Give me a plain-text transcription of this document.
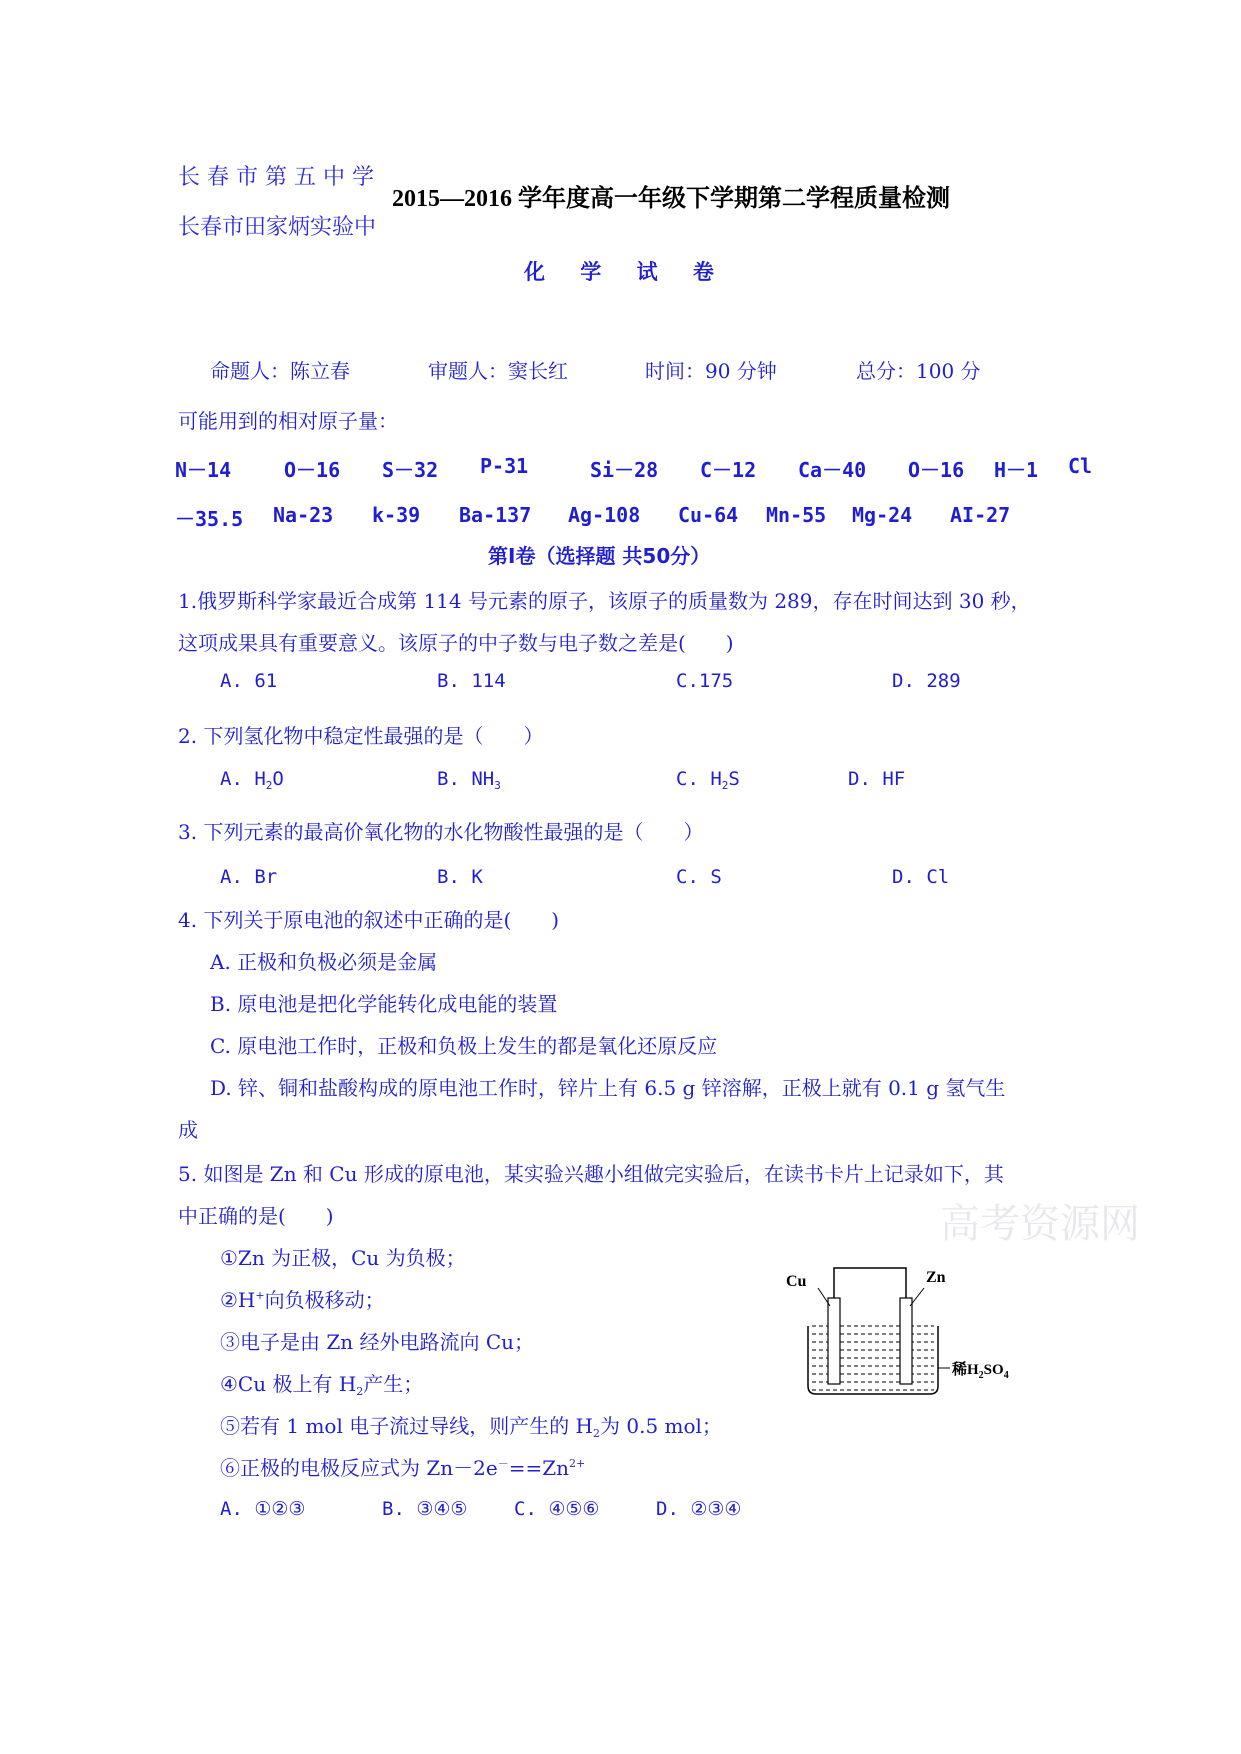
长 春 市 第 五 中 学
长春市田家炳实验中
2015—2016 学年度高一年级下学期第二学程质量检测
化 学 试 卷
命题人：陈立春	审题人：窦长红	时间：90 分钟	总分：100 分
可能用到的相对原子量：
N－14	O－16 S－32 P-31	Si－28 C－12 Ca－40 O－16 H－1 Cl
－35.5 Na-23 k-39 Ba-137 Ag-108 Cu-64 Mn-55 Mg-24 AI-27
第Ⅰ卷（选择题 共50分）
1.俄罗斯科学家最近合成第 114 号元素的原子，该原子的质量数为 289，存在时间达到 30 秒，
这项成果具有重要意义。该原子的中子数与电子数之差是(　　)
A. 61	B. 114	C.175	D. 289
2. 下列氢化物中稳定性最强的是（　　）
A. $H_2O$	B. $NH_3$	C. $H_2S$	D. HF
3. 下列元素的最高价氧化物的水化物酸性最强的是（　　）
A. Br	B. K	C. S	D. Cl
4. 下列关于原电池的叙述中正确的是(　　)
A. 正极和负极必须是金属
B. 原电池是把化学能转化成电能的装置
C. 原电池工作时，正极和负极上发生的都是氧化还原反应
D. 锌、铜和盐酸构成的原电池工作时，锌片上有 6.5 g 锌溶解，正极上就有 0.1 g 氢气生
成
5. 如图是 Zn 和 Cu 形成的原电池，某实验兴趣小组做完实验后，在读书卡片上记录如下，其
中正确的是(　　)
①Zn 为正极，Cu 为负极；
②H+向负极移动；
③电子是由 Zn 经外电路流向 Cu；
④Cu 极上有 $H_2$产生；
⑤若有 1 mol 电子流过导线，则产生的 $H_2$为 0.5 mol；
⑥正极的电极反应式为 $Zn-2e^-==Zn^{2+}$
A. ①②③	B. ③④⑤ C. ④⑤⑥	D. ②③④
高考资源网
Cu	Zn
稀$H_2SO_4$
